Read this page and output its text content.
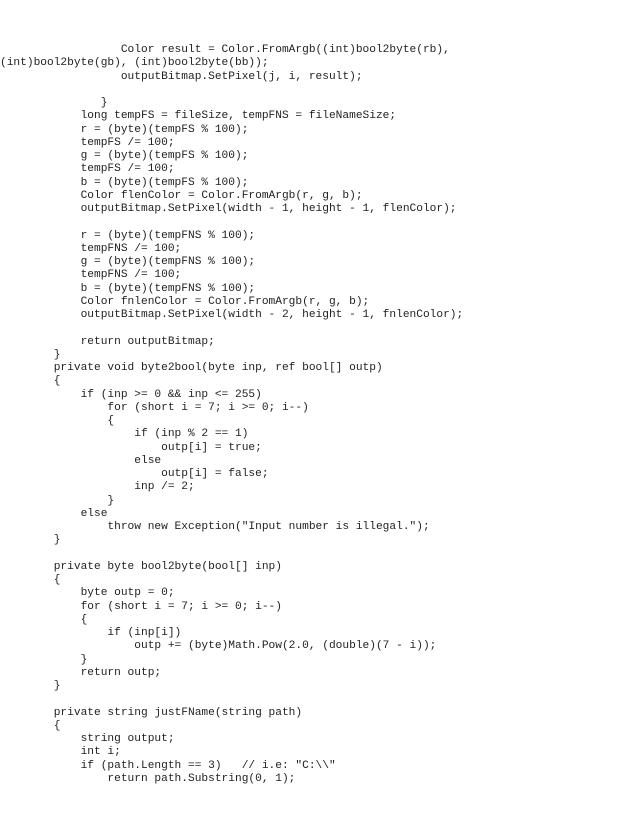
Color result = Color.FromArgb((int)bool2byte(rb),
(int)bool2byte(gb), (int)bool2byte(bb));
outputBitmap.SetPixel(j, i, result);
}
long tempFS = fileSize, tempFNS = fileNameSize;
r = (byte)(tempFS % 100);
tempFS /= 100;
g = (byte)(tempFS % 100);
tempFS /= 100;
b = (byte)(tempFS % 100);
Color flenColor = Color.FromArgb(r, g, b);
outputBitmap.SetPixel(width - 1, height - 1, flenColor);
r = (byte)(tempFNS % 100);
tempFNS /= 100;
g = (byte)(tempFNS % 100);
tempFNS /= 100;
b = (byte)(tempFNS % 100);
Color fnlenColor = Color.FromArgb(r, g, b);
outputBitmap.SetPixel(width - 2, height - 1, fnlenColor);
return outputBitmap;
}
private void byte2bool(byte inp, ref bool[] outp)
{
if (inp >= 0 && inp <= 255)
for (short i = 7; i >= 0; i--)
{
if (inp % 2 == 1)
outp[i] = true;
else
outp[i] = false;
inp /= 2;
}
else
throw new Exception("Input number is illegal.");
}
private byte bool2byte(bool[] inp)
{
byte outp = 0;
for (short i = 7; i >= 0; i--)
{
if (inp[i])
outp += (byte)Math.Pow(2.0, (double)(7 - i));
}
return outp;
}
private string justFName(string path)
{
string output;
int i;
if (path.Length == 3)   // i.e: "C:\\"
return path.Substring(0, 1);
